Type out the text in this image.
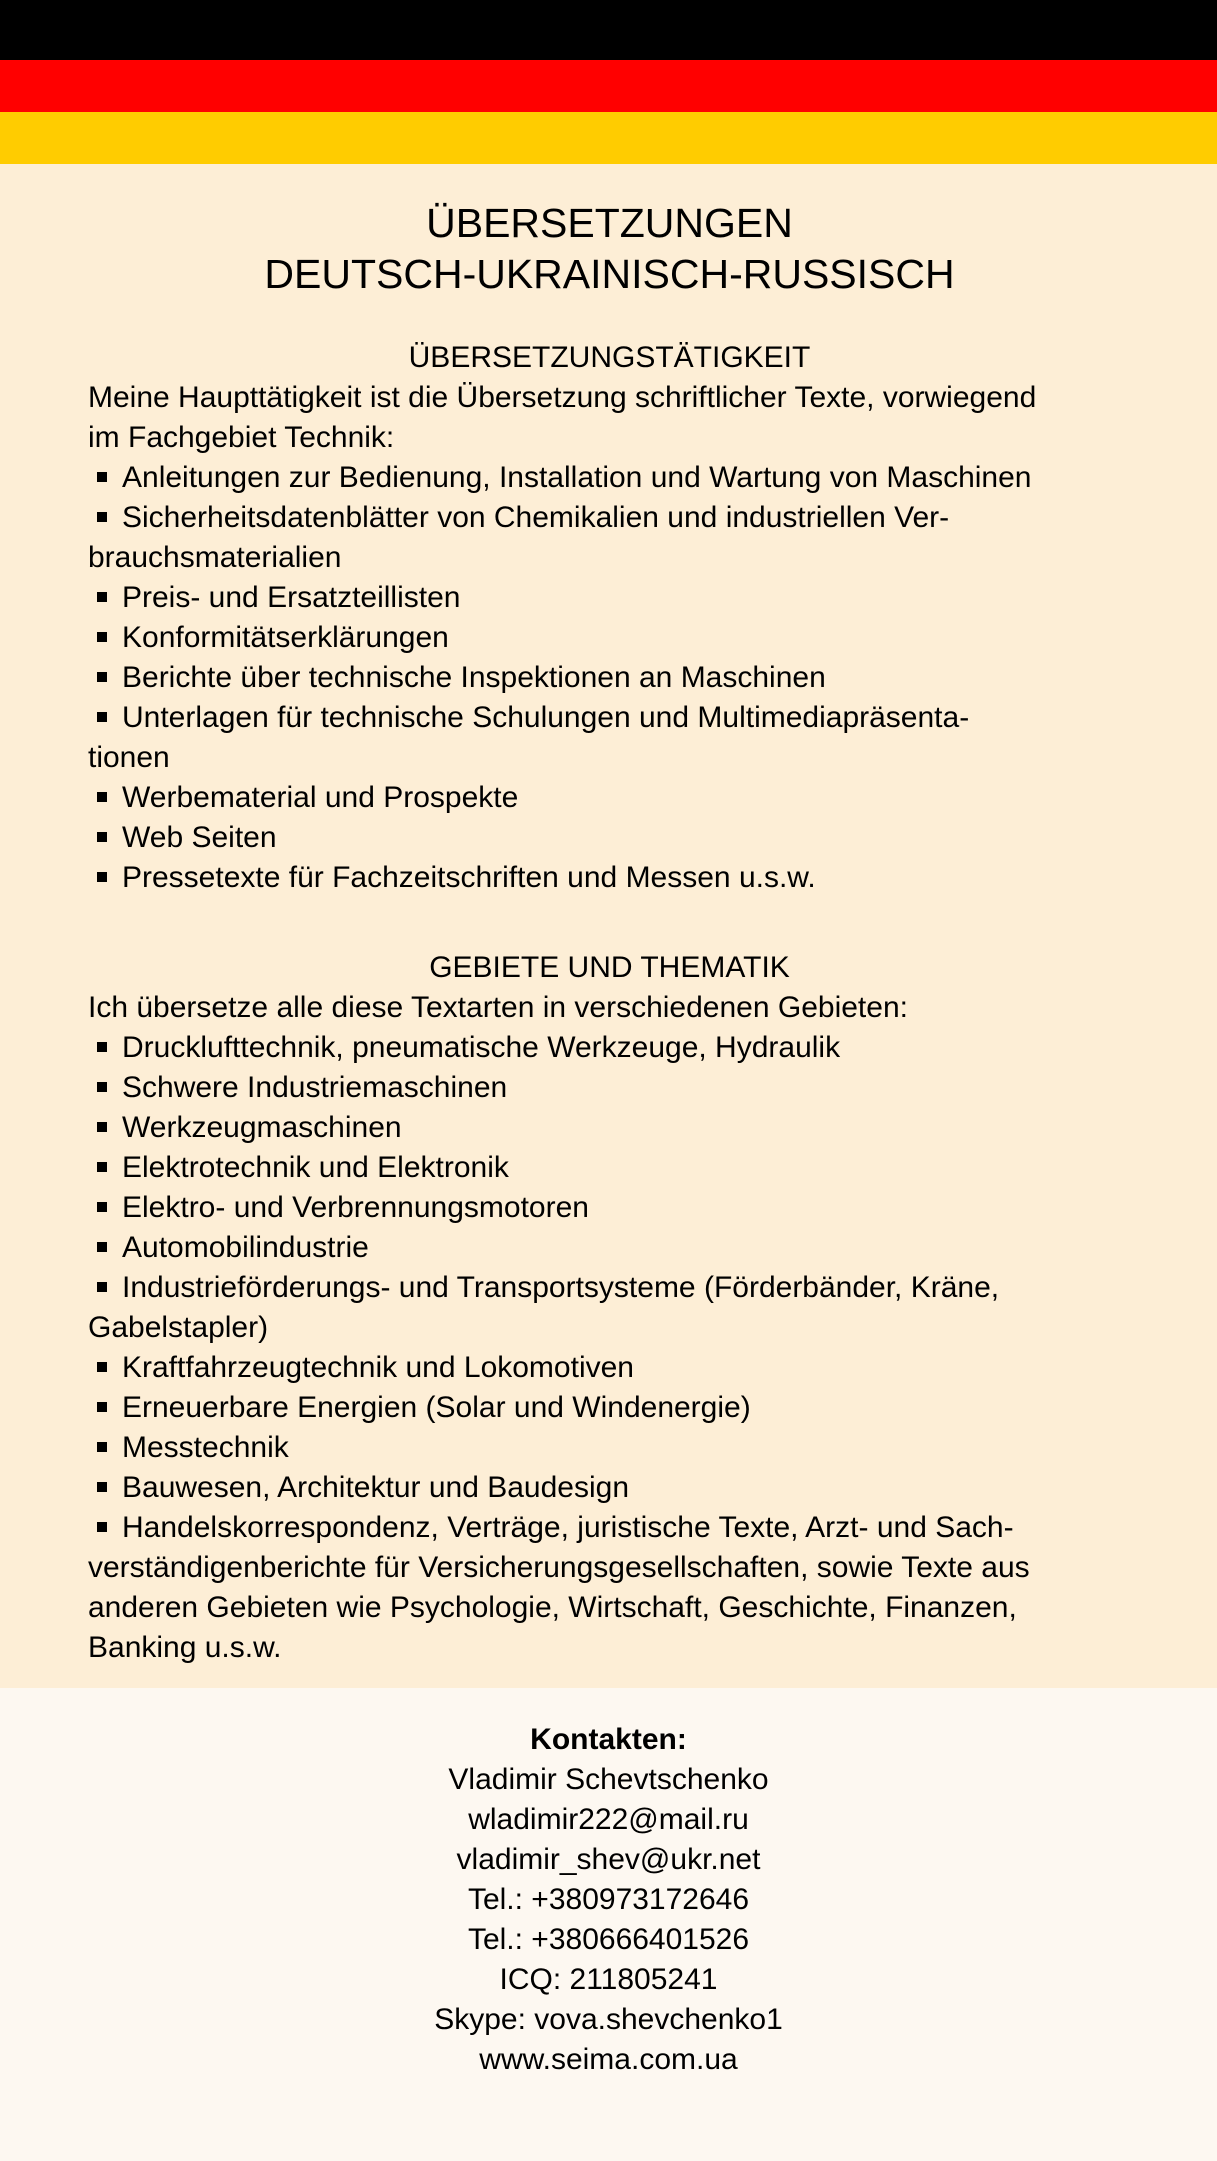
ÜBERSETZUNGEN
DEUTSCH-UKRAINISCH-RUSSISCH
ÜBERSETZUNGSTÄTIGKEIT

Meine Haupttätigkeit ist die Übersetzung schriftlicher Texte, vorwiegend
im Fachgebiet Technik:

Anleitungen zur Bedienung, Installation und Wartung von Maschinen
Sicherheitsdatenblätter von Chemikalien und industriellen Ver-
brauchsmaterialien
Preis- und Ersatzteillisten
Konformitätserklärungen
Berichte über technische Inspektionen an Maschinen
Unterlagen für technische Schulungen und Multimediapräsenta-
tionen
Werbematerial und Prospekte
Web Seiten
Pressetexte für Fachzeitschriften und Messen u.s.w.
GEBIETE UND THEMATIK

Ich übersetze alle diese Textarten in verschiedenen Gebieten:

Drucklufttechnik, pneumatische Werkzeuge, Hydraulik
Schwere Industriemaschinen
Werkzeugmaschinen
Elektrotechnik und Elektronik
Elektro- und Verbrennungsmotoren
Automobilindustrie
Industrieförderungs- und Transportsysteme (Förderbänder, Kräne,
Gabelstapler)
Kraftfahrzeugtechnik und Lokomotiven
Erneuerbare Energien (Solar und Windenergie)
Messtechnik
Bauwesen, Architektur und Baudesign
Handelskorrespondenz, Verträge, juristische Texte, Arzt- und Sach-
verständigenberichte für Versicherungsgesellschaften, sowie Texte aus
anderen Gebieten wie Psychologie, Wirtschaft, Geschichte, Finanzen,
Banking u.s.w.

Kontakten:

Vladimir Schevtschenko

wladimir222@mail.ru

vladimir_shev@ukr.net

Tel.: +380973172646

Tel.: +380666401526

ICQ: 211805241

Skype: vova.shevchenko1

www.seima.com.ua
